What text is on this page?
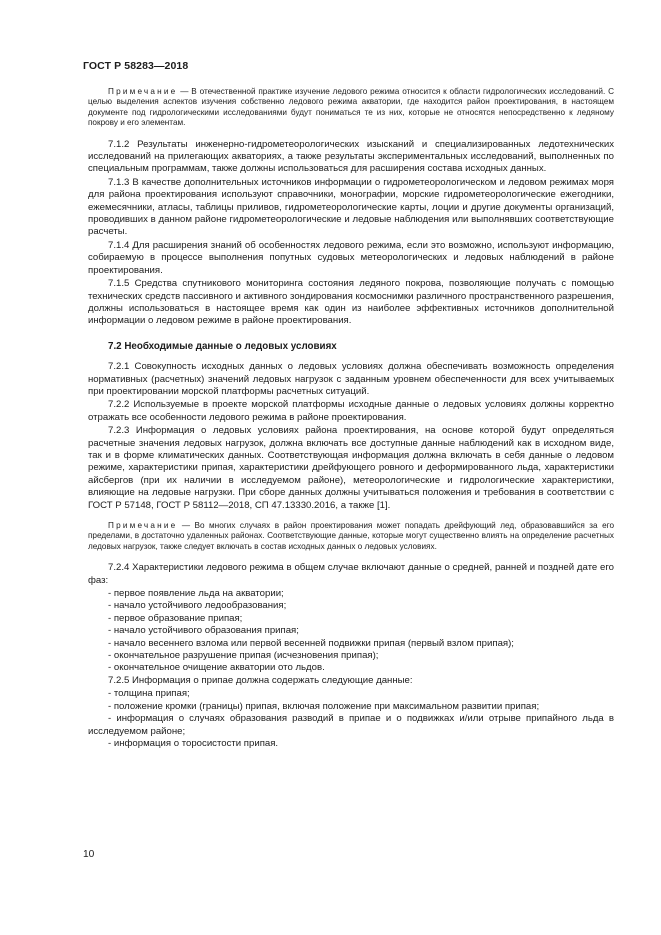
ГОСТ Р 58283—2018

Примечание — В отечественной практике изучение ледового режима относится к области гидрологических исследований. С целью выделения аспектов изучения собственно ледового режима акватории, где находится район проектирования, в настоящем документе под гидрологическими исследованиями будут пониматься те из них, которые не относятся непосредственно к ледяному покрову и его элементам.

7.1.2 Результаты инженерно-гидрометеорологических изысканий и специализированных ледотехнических исследований на прилегающих акваториях, а также результаты экспериментальных исследований, выполненных по специальным программам, также должны использоваться для расширения состава исходных данных.

7.1.3 В качестве дополнительных источников информации о гидрометеорологическом и ледовом режимах моря для района проектирования используют справочники, монографии, морские гидрометеорологические ежегодники, ежемесячники, атласы, таблицы приливов, гидрометеорологические карты, лоции и другие документы организаций, проводивших в данном районе гидрометеорологические и ледовые наблюдения или выполнявших соответствующие расчеты.

7.1.4 Для расширения знаний об особенностях ледового режима, если это возможно, используют информацию, собираемую в процессе выполнения попутных судовых метеорологических и ледовых наблюдений в районе проектирования.

7.1.5 Средства спутникового мониторинга состояния ледяного покрова, позволяющие получать с помощью технических средств пассивного и активного зондирования космоснимки различного пространственного разрешения, должны использоваться в настоящее время как один из наиболее эффективных источников дополнительной информации о ледовом режиме в районе проектирования.

7.2 Необходимые данные о ледовых условиях

7.2.1 Совокупность исходных данных о ледовых условиях должна обеспечивать возможность определения нормативных (расчетных) значений ледовых нагрузок с заданным уровнем обеспеченности для всех учитываемых при проектировании морской платформы расчетных ситуаций.

7.2.2 Используемые в проекте морской платформы исходные данные о ледовых условиях должны корректно отражать все особенности ледового режима в районе проектирования.

7.2.3 Информация о ледовых условиях района проектирования, на основе которой будут определяться расчетные значения ледовых нагрузок, должна включать все доступные данные наблюдений как в исходном виде, так и в форме климатических данных. Соответствующая информация должна включать в себя данные о ледовом режиме, характеристики припая, характеристики дрейфующего ровного и деформированного льда, характеристики айсбергов (при их наличии в исследуемом районе), метеорологические и гидрологические характеристики, влияющие на ледовые нагрузки. При сборе данных должны учитываться положения и требования в соответствии с ГОСТ Р 57148, ГОСТ Р 58112—2018, СП 47.13330.2016, а также [1].

Примечание — Во многих случаях в район проектирования может попадать дрейфующий лед, образовавшийся за его пределами, в достаточно удаленных районах. Соответствующие данные, которые могут существенно влиять на определение расчетных ледовых нагрузок, также следует включать в состав исходных данных о ледовых условиях.

7.2.4 Характеристики ледового режима в общем случае включают данные о средней, ранней и поздней дате его фаз:

- первое появление льда на акватории;
- начало устойчивого ледообразования;
- первое образование припая;
- начало устойчивого образования припая;
- начало весеннего взлома или первой весенней подвижки припая (первый взлом припая);
- окончательное разрушение припая (исчезновения припая);
- окончательное очищение акватории ото льдов.

7.2.5 Информация о припае должна содержать следующие данные:

- толщина припая;
- положение кромки (границы) припая, включая положение при максимальном развитии припая;
- информация о случаях образования разводий в припае и о подвижках и/или отрыве припайного льда в исследуемом районе;
- информация о торосистости припая.
10
